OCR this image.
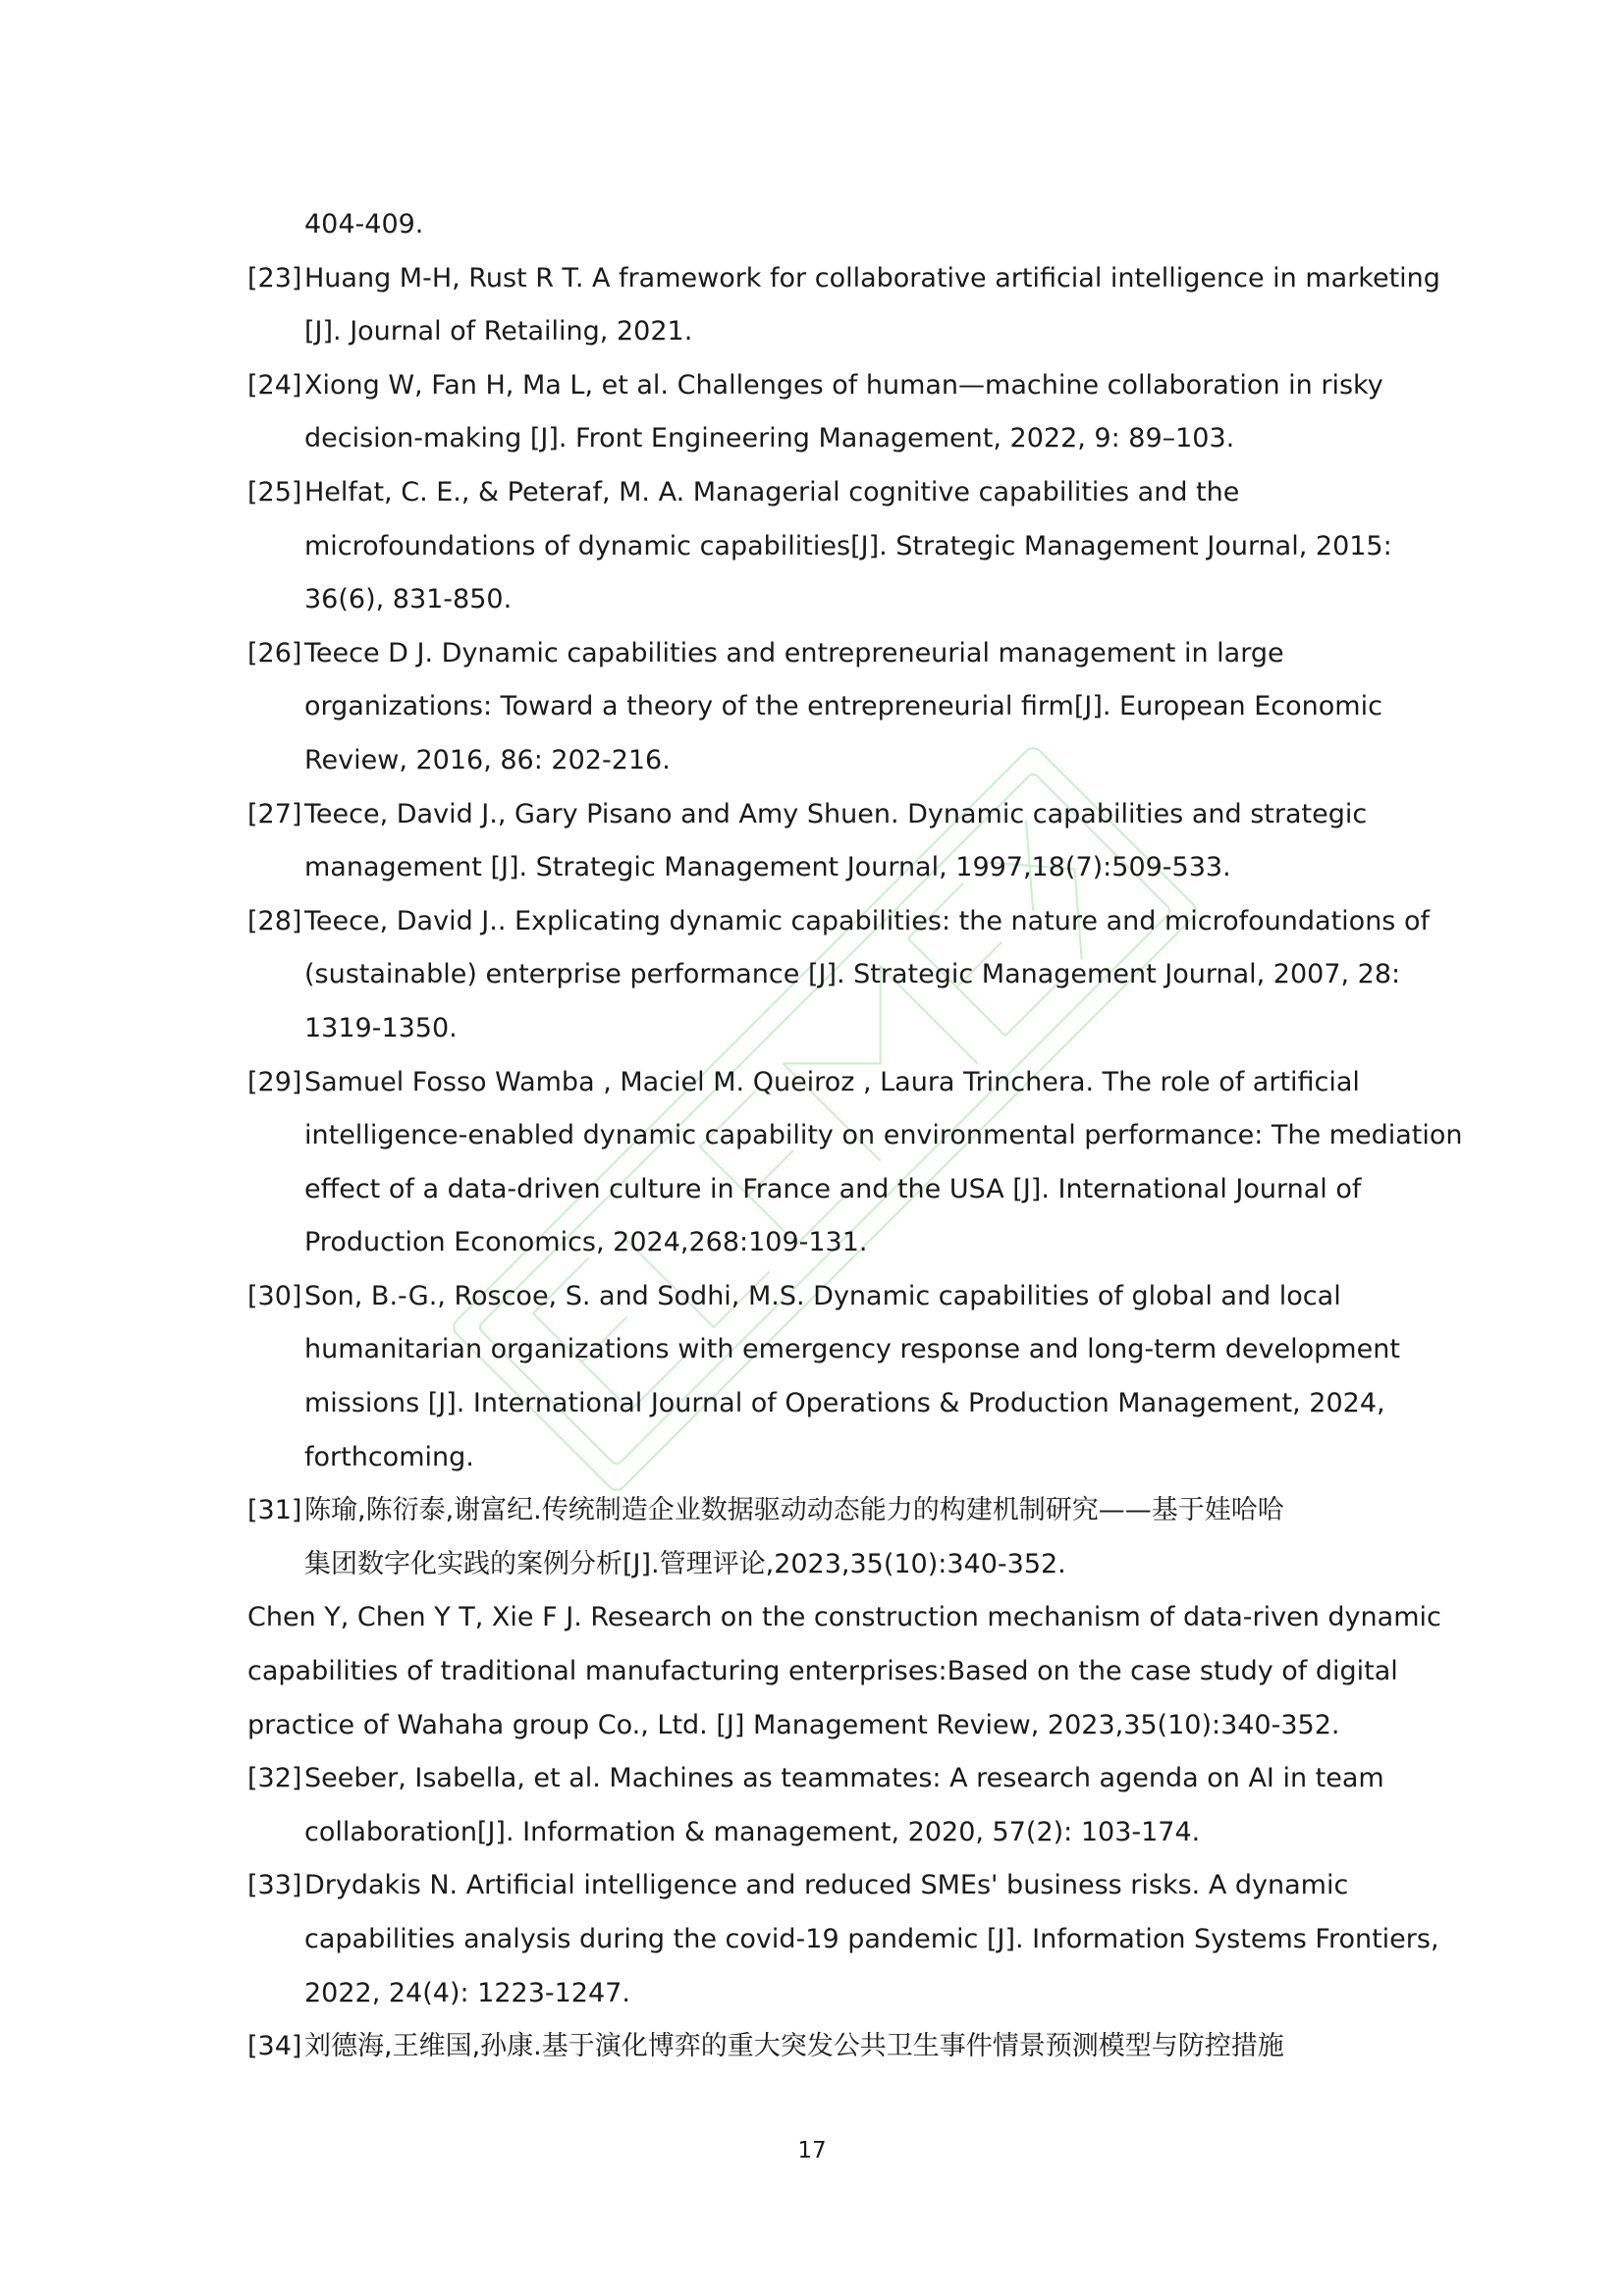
404-409.
[23]Huang M-H, Rust R T. A framework for collaborative artificial intelligence in marketing
[J]. Journal of Retailing, 2021.
[24]Xiong W, Fan H, Ma L, et al. Challenges of human—machine collaboration in risky
decision-making [J]. Front Engineering Management, 2022, 9: 89–103.
[25]Helfat, C. E., & Peteraf, M. A. Managerial cognitive capabilities and the
microfoundations of dynamic capabilities[J]. Strategic Management Journal, 2015:
36(6), 831-850.
[26]Teece D J. Dynamic capabilities and entrepreneurial management in large
organizations: Toward a theory of the entrepreneurial firm[J]. European Economic
Review, 2016, 86: 202-216.
[27]Teece, David J., Gary Pisano and Amy Shuen. Dynamic capabilities and strategic
management [J]. Strategic Management Journal, 1997,18(7):509-533.
[28]Teece, David J.. Explicating dynamic capabilities: the nature and microfoundations of
(sustainable) enterprise performance [J]. Strategic Management Journal, 2007, 28:
1319-1350.
[29]Samuel Fosso Wamba , Maciel M. Queiroz , Laura Trinchera. The role of artificial
intelligence-enabled dynamic capability on environmental performance: The mediation
effect of a data-driven culture in France and the USA [J]. International Journal of
Production Economics, 2024,268:109-131.
[30]Son, B.-G., Roscoe, S. and Sodhi, M.S. Dynamic capabilities of global and local
humanitarian organizations with emergency response and long-term development
missions [J]. International Journal of Operations & Production Management, 2024,
forthcoming.
[31]陈瑜,陈衍泰,谢富纪.传统制造企业数据驱动动态能力的构建机制研究——基于娃哈哈
集团数字化实践的案例分析[J].管理评论,2023,35(10):340-352.
Chen Y, Chen Y T, Xie F J. Research on the construction mechanism of data-riven dynamic
capabilities of traditional manufacturing enterprises:Based on the case study of digital
practice of Wahaha group Co., Ltd. [J] Management Review, 2023,35(10):340-352.
[32]Seeber, Isabella, et al. Machines as teammates: A research agenda on AI in team
collaboration[J]. Information & management, 2020, 57(2): 103-174.
[33]Drydakis N. Artificial intelligence and reduced SMEs' business risks. A dynamic
capabilities analysis during the covid-19 pandemic [J]. Information Systems Frontiers,
2022, 24(4): 1223-1247.
[34]刘德海,王维国,孙康.基于演化博弈的重大突发公共卫生事件情景预测模型与防控措施
17
